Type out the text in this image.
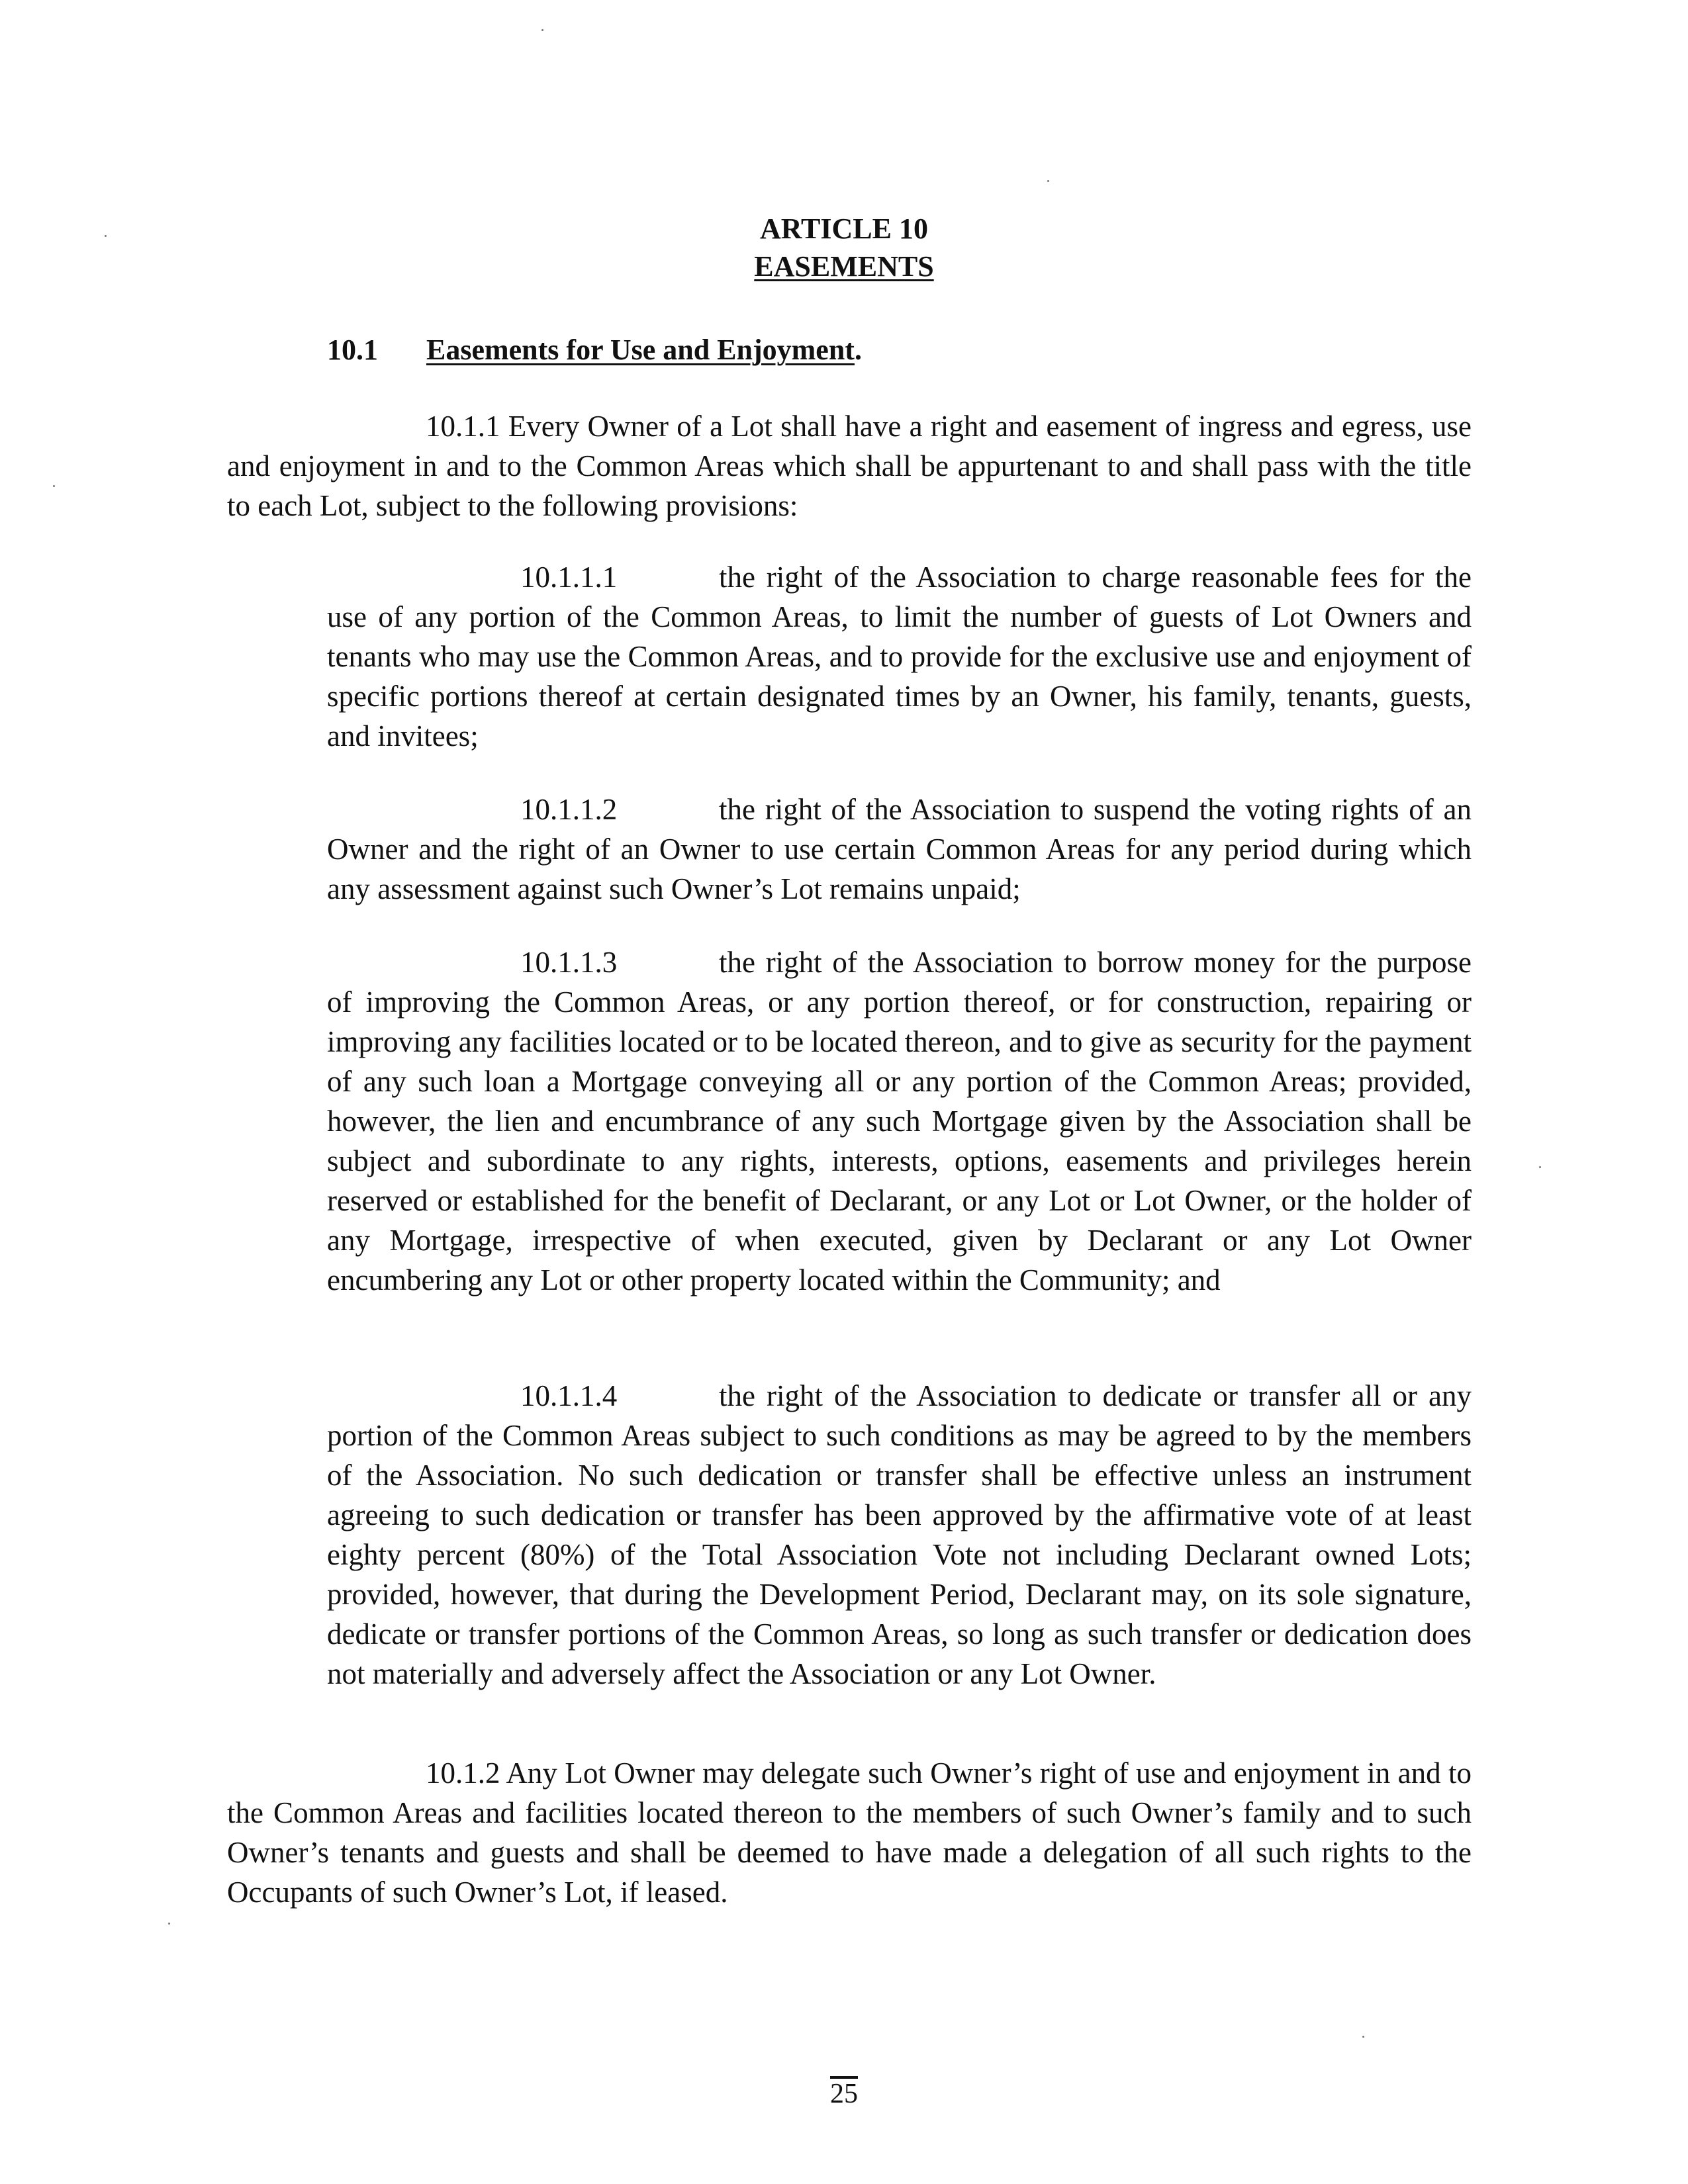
ARTICLE 10
EASEMENTS
10.1 Easements for Use and Enjoyment.
10.1.1 Every Owner of a Lot shall have a right and easement of ingress and egress, use and enjoyment in and to the Common Areas which shall be appurtenant to and shall pass with the title to each Lot, subject to the following provisions:
10.1.1.1	the right of the Association to charge reasonable fees for the use of any portion of the Common Areas, to limit the number of guests of Lot Owners and tenants who may use the Common Areas, and to provide for the exclusive use and enjoyment of specific portions thereof at certain designated times by an Owner, his family, tenants, guests, and invitees;
10.1.1.2	the right of the Association to suspend the voting rights of an Owner and the right of an Owner to use certain Common Areas for any period during which any assessment against such Owner’s Lot remains unpaid;
10.1.1.3	the right of the Association to borrow money for the purpose of improving the Common Areas, or any portion thereof, or for construction, repairing or improving any facilities located or to be located thereon, and to give as security for the payment of any such loan a Mortgage conveying all or any portion of the Common Areas; provided, however, the lien and encumbrance of any such Mortgage given by the Association shall be subject and subordinate to any rights, interests, options, easements and privileges herein reserved or established for the benefit of Declarant, or any Lot or Lot Owner, or the holder of any Mortgage, irrespective of when executed, given by Declarant or any Lot Owner encumbering any Lot or other property located within the Community; and
10.1.1.4	the right of the Association to dedicate or transfer all or any portion of the Common Areas subject to such conditions as may be agreed to by the members of the Association. No such dedication or transfer shall be effective unless an instrument agreeing to such dedication or transfer has been approved by the affirmative vote of at least eighty percent (80%) of the Total Association Vote not including Declarant owned Lots; provided, however, that during the Development Period, Declarant may, on its sole signature, dedicate or transfer portions of the Common Areas, so long as such transfer or dedication does not materially and adversely affect the Association or any Lot Owner.
10.1.2 Any Lot Owner may delegate such Owner’s right of use and enjoyment in and to the Common Areas and facilities located thereon to the members of such Owner’s family and to such Owner’s tenants and guests and shall be deemed to have made a delegation of all such rights to the Occupants of such Owner’s Lot, if leased.
25
